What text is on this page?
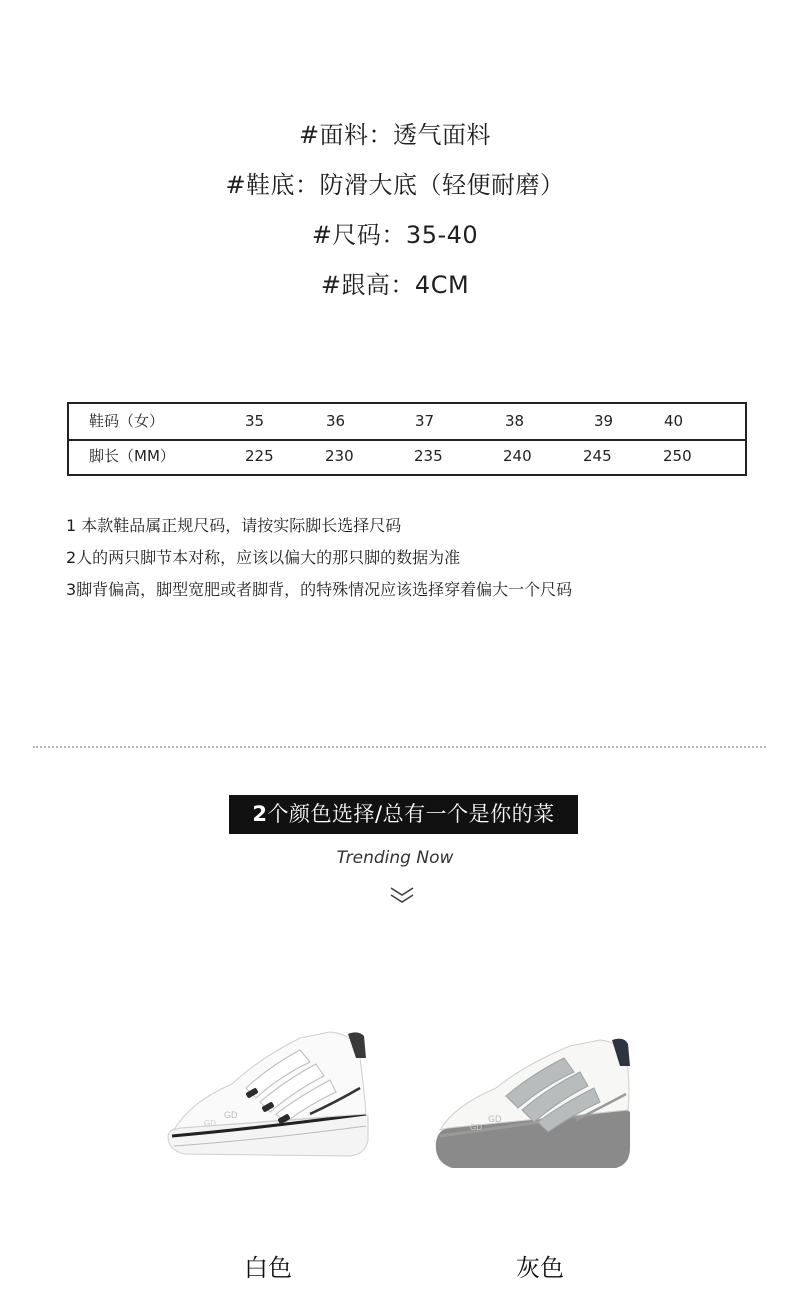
#面料：透气面料
#鞋底：防滑大底（轻便耐磨）
#尺码：35-40
#跟高：4CM
鞋码（女）	35	36	37	38	39	40
脚长（MM）	225	230	235	240	245	250
1 本款鞋品属正规尺码，请按实际脚长选择尺码
2人的两只脚节本对称，应该以偏大的那只脚的数据为准
3脚背偏高，脚型宽肥或者脚背，的特殊情况应该选择穿着偏大一个尺码
2个颜色选择/总有一个是你的菜
Trending Now
GD
GD	GD
GD
白色	灰色
